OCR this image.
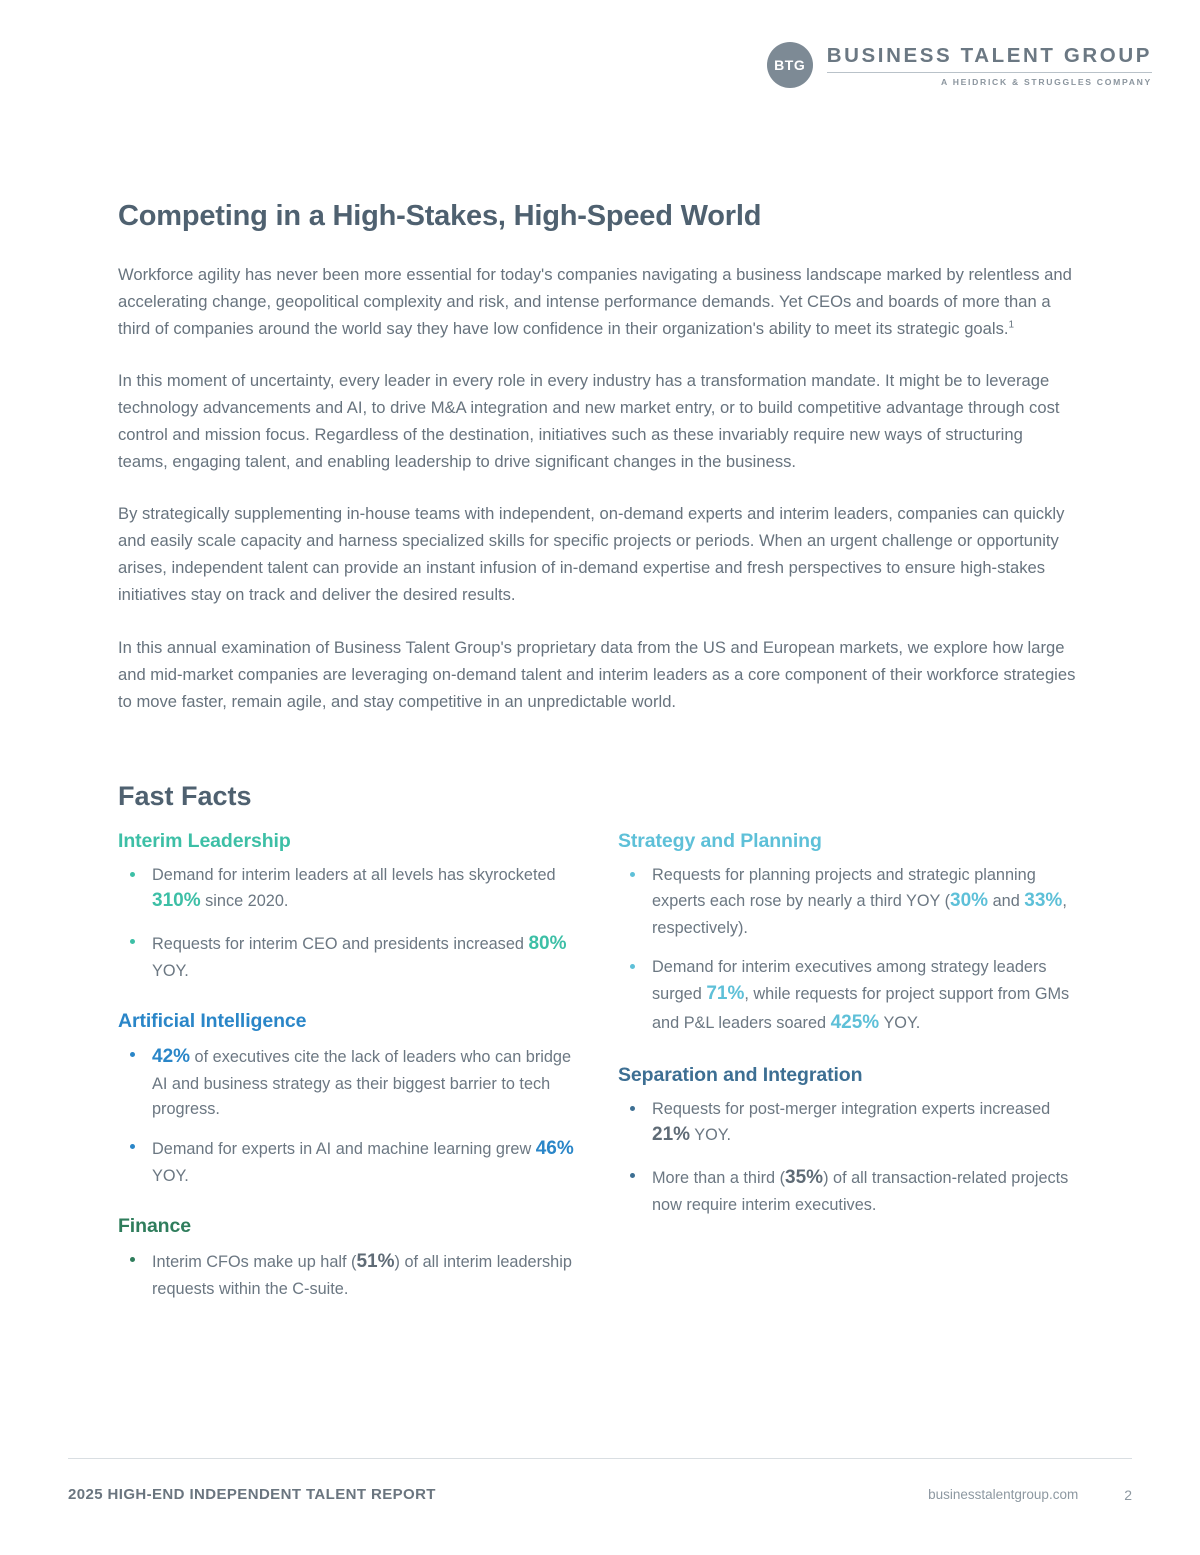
BTG	BUSINESS TALENT GROUP
A HEIDRICK & STRUGGLES COMPANY
Competing in a High-Stakes, High-Speed World

Workforce agility has never been more essential for today's companies navigating a business landscape marked by relentless and accelerating change, geopolitical complexity and risk, and intense performance demands. Yet CEOs and boards of more than a third of companies around the world say they have low confidence in their organization's ability to meet its strategic goals.$^1$

In this moment of uncertainty, every leader in every role in every industry has a transformation mandate. It might be to leverage technology advancements and AI, to drive M&A integration and new market entry, or to build competitive advantage through cost control and mission focus. Regardless of the destination, initiatives such as these invariably require new ways of structuring teams, engaging talent, and enabling leadership to drive significant changes in the business.

By strategically supplementing in-house teams with independent, on-demand experts and interim leaders, companies can quickly and easily scale capacity and harness specialized skills for specific projects or periods. When an urgent challenge or opportunity arises, independent talent can provide an instant infusion of in-demand expertise and fresh perspectives to ensure high-stakes initiatives stay on track and deliver the desired results.

In this annual examination of Business Talent Group's proprietary data from the US and European markets, we explore how large and mid-market companies are leveraging on-demand talent and interim leaders as a core component of their workforce strategies to move faster, remain agile, and stay competitive in an unpredictable world.

Fast Facts
Interim Leadership
Demand for interim leaders at all levels has skyrocketed 310% since 2020.
Requests for interim CEO and presidents increased 80% YOY.
Artificial Intelligence
42% of executives cite the lack of leaders who can bridge AI and business strategy as their biggest barrier to tech progress.
Demand for experts in AI and machine learning grew 46% YOY.
Finance
Interim CFOs make up half (51%) of all interim leadership requests within the C-suite.
Strategy and Planning
Requests for planning projects and strategic planning experts each rose by nearly a third YOY (30% and 33%, respectively).
Demand for interim executives among strategy leaders surged 71%, while requests for project support from GMs and P&L leaders soared 425% YOY.
Separation and Integration
Requests for post-merger integration experts increased 21% YOY.
More than a third (35%) of all transaction-related projects now require interim executives.
2025 HIGH-END INDEPENDENT TALENT REPORT	businesstalentgroup.com	2
